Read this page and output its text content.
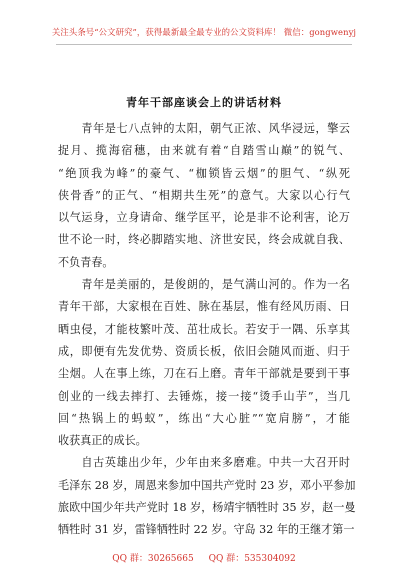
关注头条号“公文研究”，获得最新最全最专业的公文资料库！ 微信：gongwenyj
青年干部座谈会上的讲话材料
　　青年是七八点钟的太阳，朝气正浓、风华浸远，擎云
捉月、揽海宿穗，由来就有着“自踏雪山巅”的锐气、
“绝顶我为峰”的豪气、“枷锁皆云烟”的胆气、“纵死
侠骨香”的正气、“相期共生死”的意气。大家以心行气
以气运身，立身请命、继学匡平，论是非不论利害，论万
世不论一时，终必脚踏实地、济世安民，终会成就自我、
不负青春。
　　青年是美丽的，是俊朗的，是气满山河的。作为一名
青年干部，大家根在百姓、脉在基层，惟有经风历雨、日
晒虫侵，才能枝繁叶茂、茁壮成长。若安于一隅、乐享其
成，即便有先发优势、资质长板，依旧会随风而逝、归于
尘烟。人在事上练，刀在石上磨。青年干部就是要到干事
创业的一线去摔打、去锤炼，接一接“烫手山芋”，当几
回“热锅上的蚂蚁”，练出“大心脏”“宽肩膀”，才能
收获真正的成长。
　　自古英雄出少年，少年由来多磨难。中共一大召开时
毛泽东 28 岁，周恩来参加中国共产党时 23 岁，邓小平参加
旅欧中国少年共产党时 18 岁，杨靖宇牺牲时 35 岁，赵一曼
牺牲时 31 岁，雷锋牺牲时 22 岁。守岛 32 年的王继才第一
QQ 群：30265665 QQ 群：535304092
